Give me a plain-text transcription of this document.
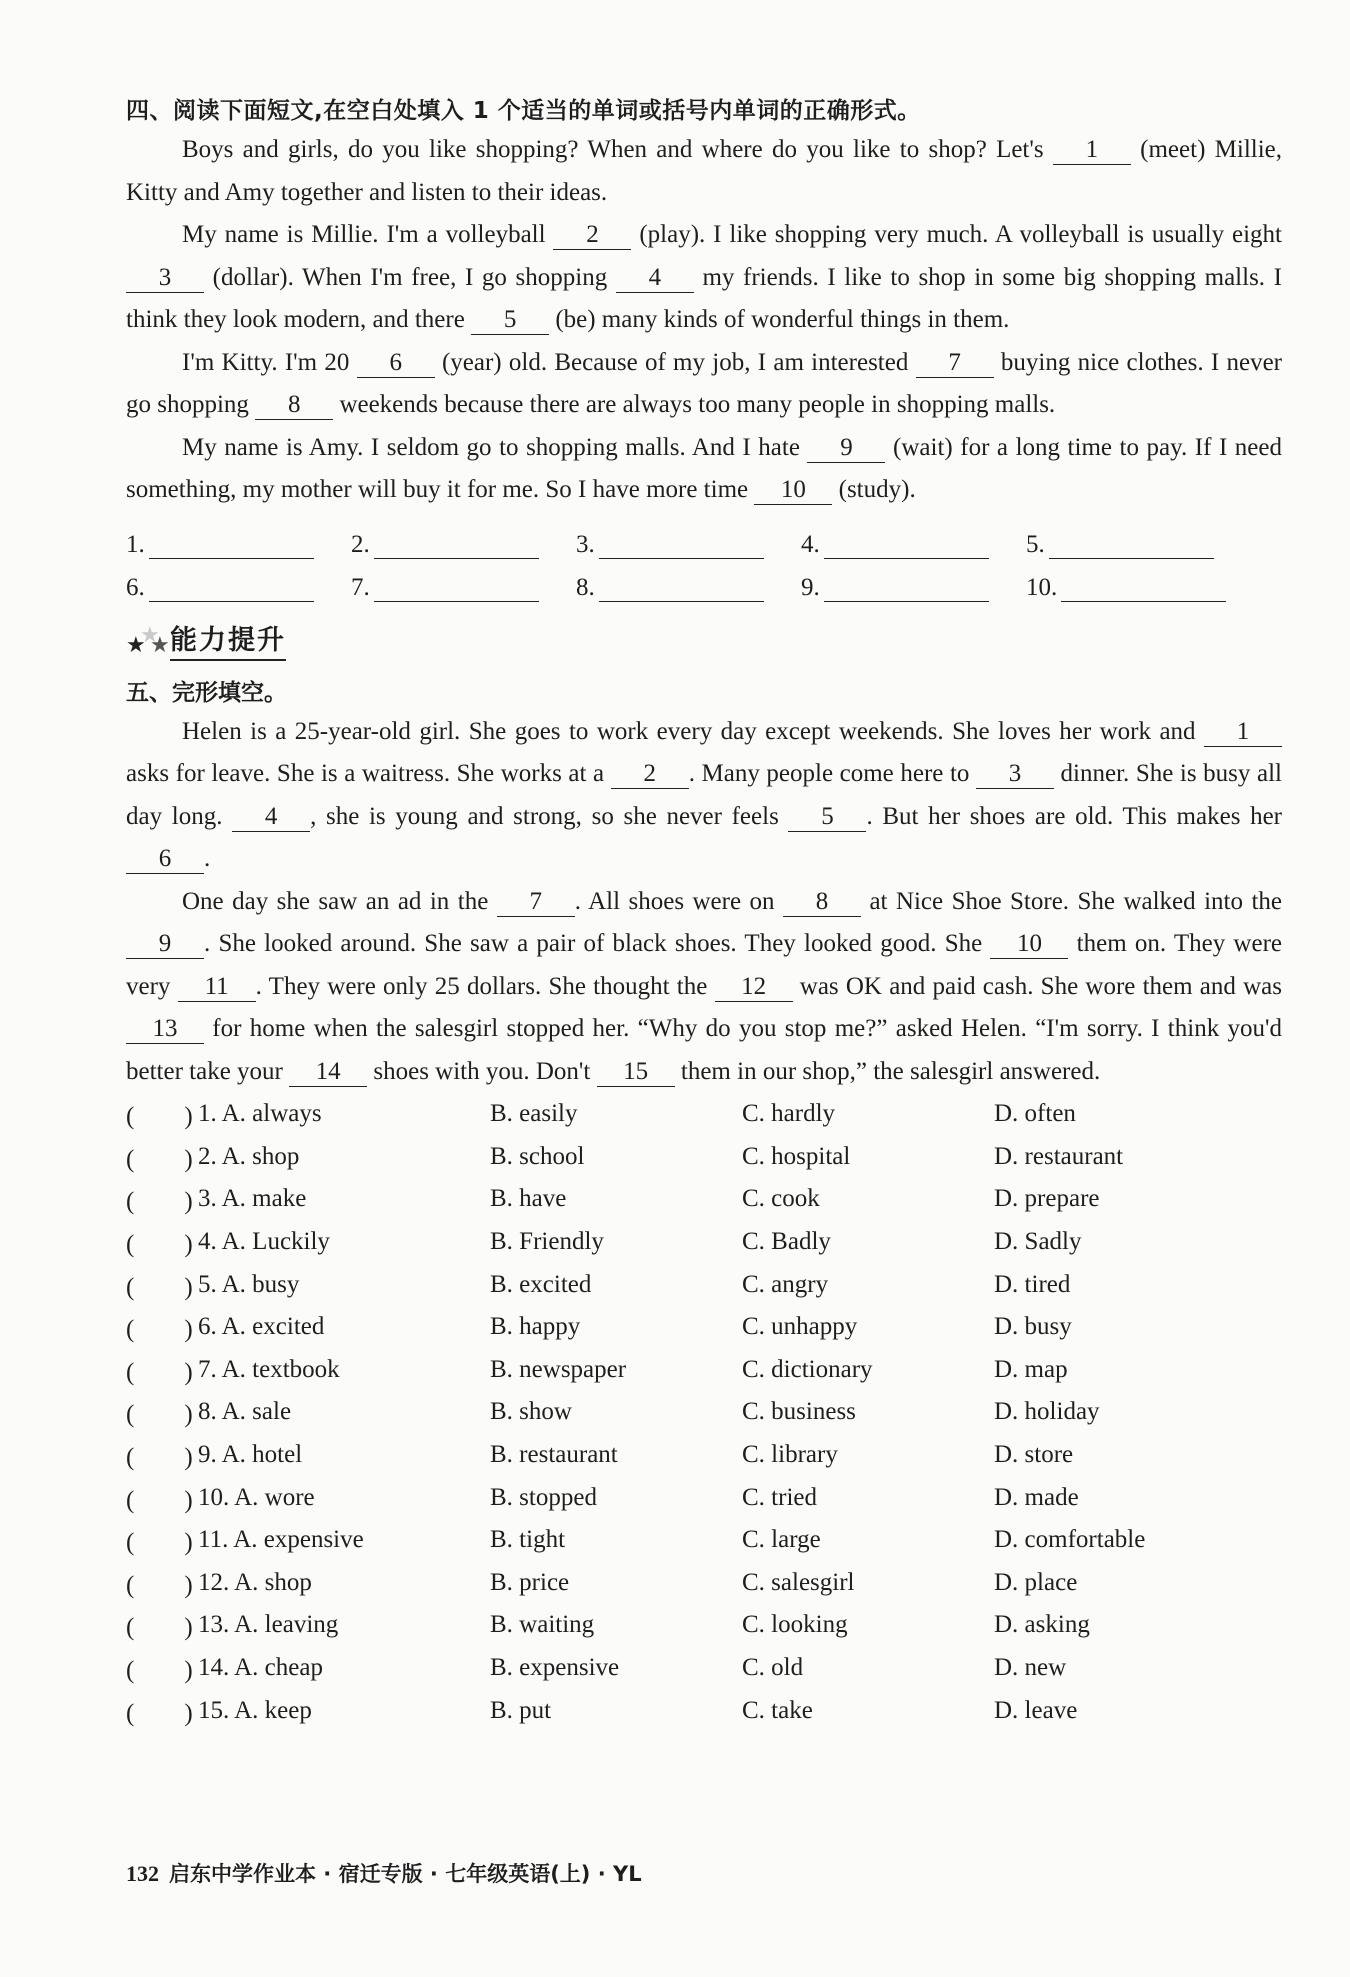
四、阅读下面短文,在空白处填入 1 个适当的单词或括号内单词的正确形式。

Boys and girls, do you like shopping? When and where do you like to shop? Let's 1 (meet) Millie, Kitty and Amy together and listen to their ideas.

My name is Millie. I'm a volleyball 2 (play). I like shopping very much. A volleyball is usually eight 3 (dollar). When I'm free, I go shopping 4 my friends. I like to shop in some big shopping malls. I think they look modern, and there 5 (be) many kinds of wonderful things in them.

I'm Kitty. I'm 20 6 (year) old. Because of my job, I am interested 7 buying nice clothes. I never go shopping 8 weekends because there are always too many people in shopping malls.

My name is Amy. I seldom go to shopping malls. And I hate 9 (wait) for a long time to pay. If I need something, my mother will buy it for me. So I have more time 10 (study).

1.	2.	3.	4.	5.
6.	7.	8.	9.	10.
★
★
★ 能力提升
五、完形填空。

Helen is a 25-year-old girl. She goes to work every day except weekends. She loves her work and 1 asks for leave. She is a waitress. She works at a 2 . Many people come here to 3 dinner. She is busy all day long. 4 , she is young and strong, so she never feels 5 . But her shoes are old. This makes her 6 .

One day she saw an ad in the 7 . All shoes were on 8 at Nice Shoe Store. She walked into the 9 . She looked around. She saw a pair of black shoes. They looked good. She 10 them on. They were very 11 . They were only 25 dollars. She thought the 12 was OK and paid cash. She wore them and was 13 for home when the salesgirl stopped her. “Why do you stop me?” asked Helen. “I'm sorry. I think you'd better take your 14 shoes with you. Don't 15 them in our shop,” the salesgirl answered.

(　　) 1. A. always	B. easily	C. hardly	D. often
(　　) 2. A. shop	B. school	C. hospital	D. restaurant
(　　) 3. A. make	B. have	C. cook	D. prepare
(　　) 4. A. Luckily	B. Friendly	C. Badly	D. Sadly
(　　) 5. A. busy	B. excited	C. angry	D. tired
(　　) 6. A. excited	B. happy	C. unhappy	D. busy
(　　) 7. A. textbook	B. newspaper	C. dictionary	D. map
(　　) 8. A. sale	B. show	C. business	D. holiday
(　　) 9. A. hotel	B. restaurant	C. library	D. store
(　　) 10. A. wore	B. stopped	C. tried	D. made
(　　) 11. A. expensive	B. tight	C. large	D. comfortable
(　　) 12. A. shop	B. price	C. salesgirl	D. place
(　　) 13. A. leaving	B. waiting	C. looking	D. asking
(　　) 14. A. cheap	B. expensive	C. old	D. new
(　　) 15. A. keep	B. put	C. take	D. leave
132 启东中学作业本 · 宿迁专版 · 七年级英语(上) · YL
